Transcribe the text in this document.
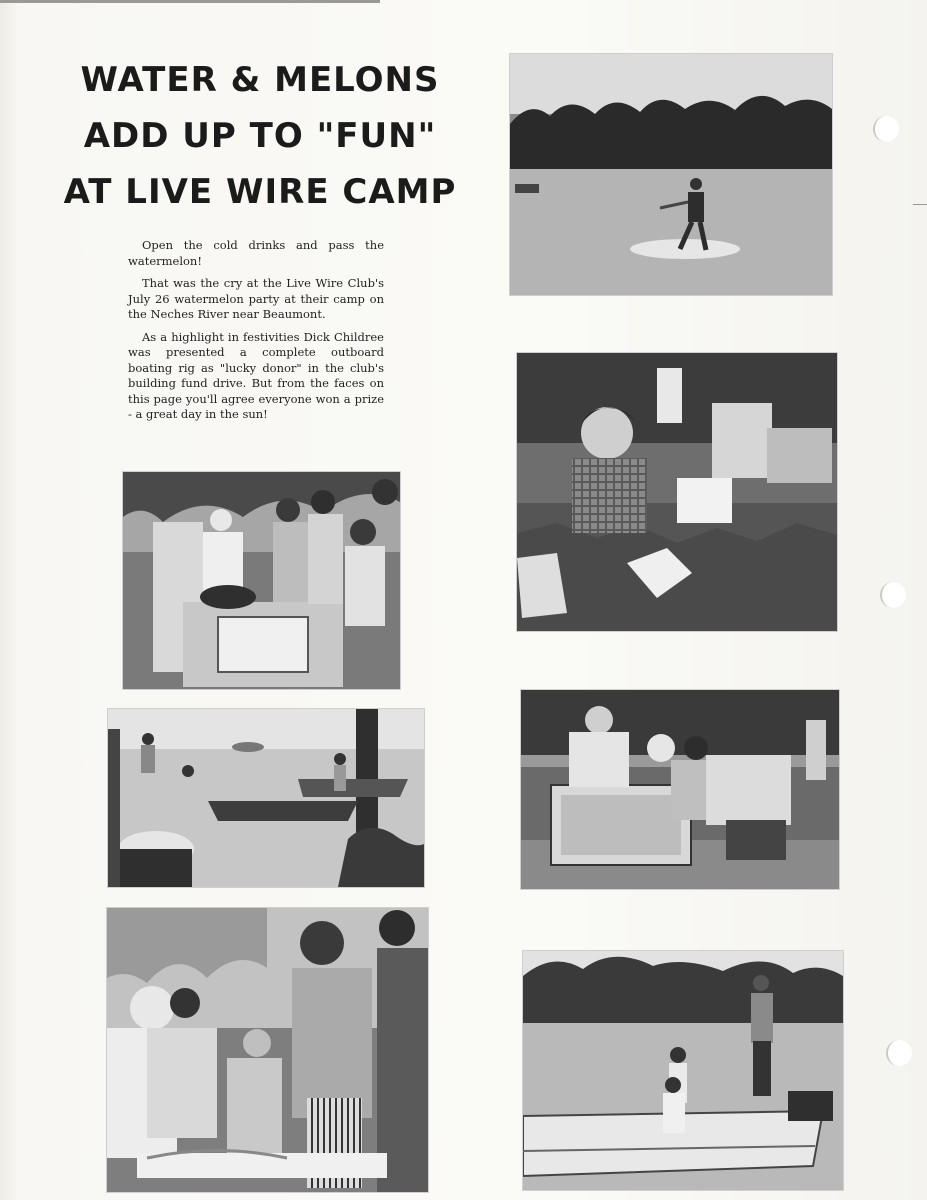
WATER & MELONS
ADD UP TO "FUN"
AT LIVE WIRE CAMP

Open the cold drinks and pass the watermelon!

That was the cry at the Live Wire Club's July 26 watermelon party at their camp on the Neches River near Beaumont.

As a highlight in festivities Dick Childree was presented a complete outboard boating rig as "lucky donor" in the club's building fund drive. But from the faces on this page you'll agree everyone won a prize - a great day in the sun!
